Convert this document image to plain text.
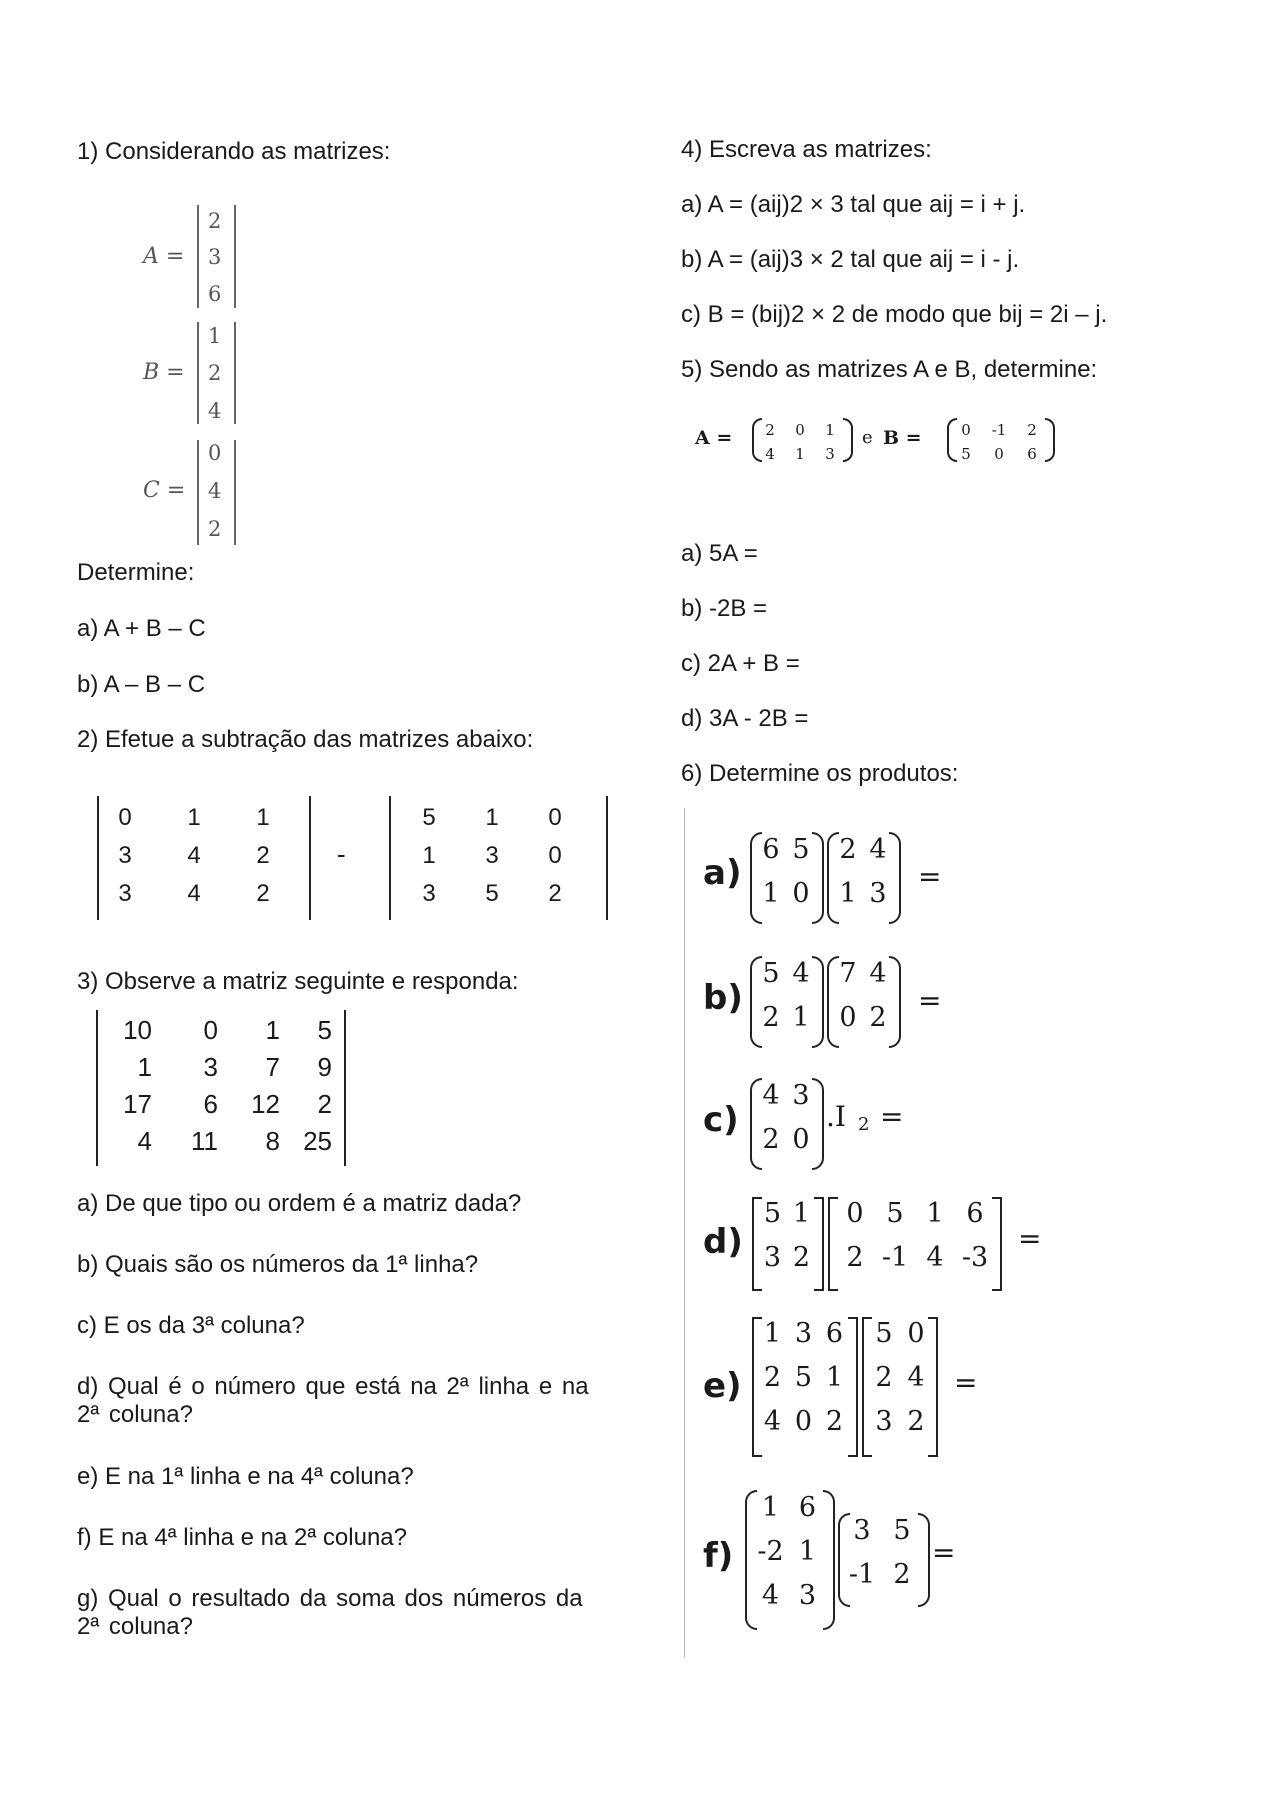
1) Considerando as matrizes:
A =
2
3
6
B =
1
2
4
C =
0
4
2
Determine:
a) A + B – C
b) A – B – C
2) Efetue a subtração das matrizes abaixo:
-
0	1	1
3	4	2
3	4	2
5	1	0
1	3	0
3	5	2
3) Observe a matriz seguinte e responda:
10	0	1	5
1	3	7	9
17	6	12	2
4	11	8 25
a) De que tipo ou ordem é a matriz dada?
b) Quais são os números da 1ª linha?
c) E os da 3ª coluna?
d) Qual é o número que está na 2ª linha e na 2ª coluna?
e) E na 1ª linha e na 4ª coluna?
f) E na 4ª linha e na 2ª coluna?
g) Qual o resultado da soma dos números da 2ª coluna?
4) Escreva as matrizes:
a) A = (aij)2 × 3 tal que aij = i + j.
b) A = (aij)3 × 2 tal que aij = i - j.
c) B = (bij)2 × 2 de modo que bij = 2i – j.
5) Sendo as matrizes A e B, determine:
A =	e B =
2	0	1
4	1	3
0	-1	2
5	0	6
a) 5A =
b) -2B =
c) 2A + B =
d) 3A - 2B =
6) Determine os produtos:
a)
6 5
1 0
2 4
1 3
=
b)
5 4
2 1
7 4
0 2
=
c)
4 3
2 0
.I 2 =
d)
5 1
3 2
0 5 1 6
2 -1 4 -3
=
e)
1 3 6
2 5 1
4 0 2
5 0
2 4
3 2
=
f)
1 6
-2 1
4 3
3 5
-1 2
=
